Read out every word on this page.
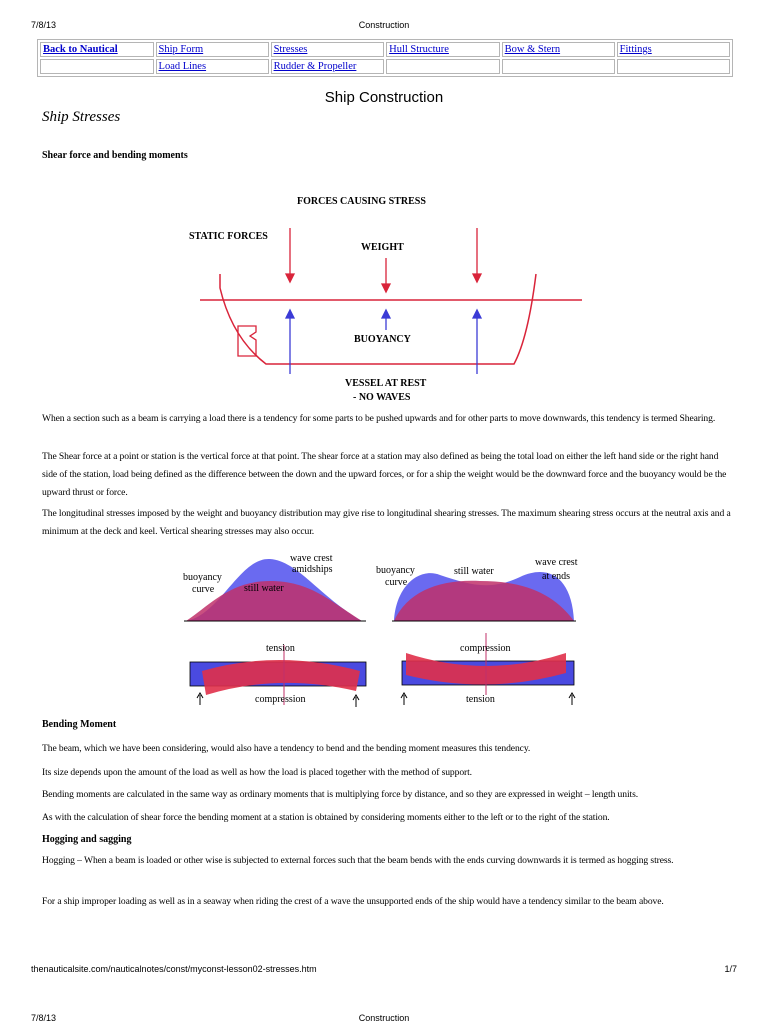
7/8/13	Construction
Back to Nautical	Ship Form	Stresses	Hull Structure	Bow & Stern	Fittings
	Load Lines	Rudder & Propeller			
Ship Construction
Ship Stresses
Shear force and bending moments
FORCES CAUSING STRESS
STATIC FORCES
WEIGHT
BUOYANCY
VESSEL AT REST
- NO WAVES
When a section such as a beam is carrying a load there is a tendency for some parts to be pushed upwards and for other parts to move downwards, this tendency is termed Shearing.
The Shear force at a point or station is the vertical force at that point. The shear force at a station may also defined as being the total load on either the left hand side or the right hand side of the station, load being defined as the difference between the down and the upward forces, or for a ship the weight would be the downward force and the buoyancy would be the upward thrust or force.
The longitudinal stresses imposed by the weight and buoyancy distribution may give rise to longitudinal shearing stresses. The maximum shearing stress occurs at the neutral axis and a minimum at the deck and keel. Vertical shearing stresses may also occur.
wave crest
amidships
buoyancy
curve	still water
tension
compression
wave crest
at ends
buoyancy
curve
still water
compression
tension
Bending Moment
The beam, which we have been considering, would also have a tendency to bend and the bending moment measures this tendency.
Its size depends upon the amount of the load as well as how the load is placed together with the method of support.
Bending moments are calculated in the same way as ordinary moments that is multiplying force by distance, and so they are expressed in weight – length units.
As with the calculation of shear force the bending moment at a station is obtained by considering moments either to the left or to the right of the station.
Hogging and sagging
Hogging – When a beam is loaded or other wise is subjected to external forces such that the beam bends with the ends curving downwards it is termed as hogging stress.
For a ship improper loading as well as in a seaway when riding the crest of a wave the unsupported ends of the ship would have a tendency similar to the beam above.
thenauticalsite.com/nauticalnotes/const/myconst-lesson02-stresses.htm	1/7
7/8/13	Construction
